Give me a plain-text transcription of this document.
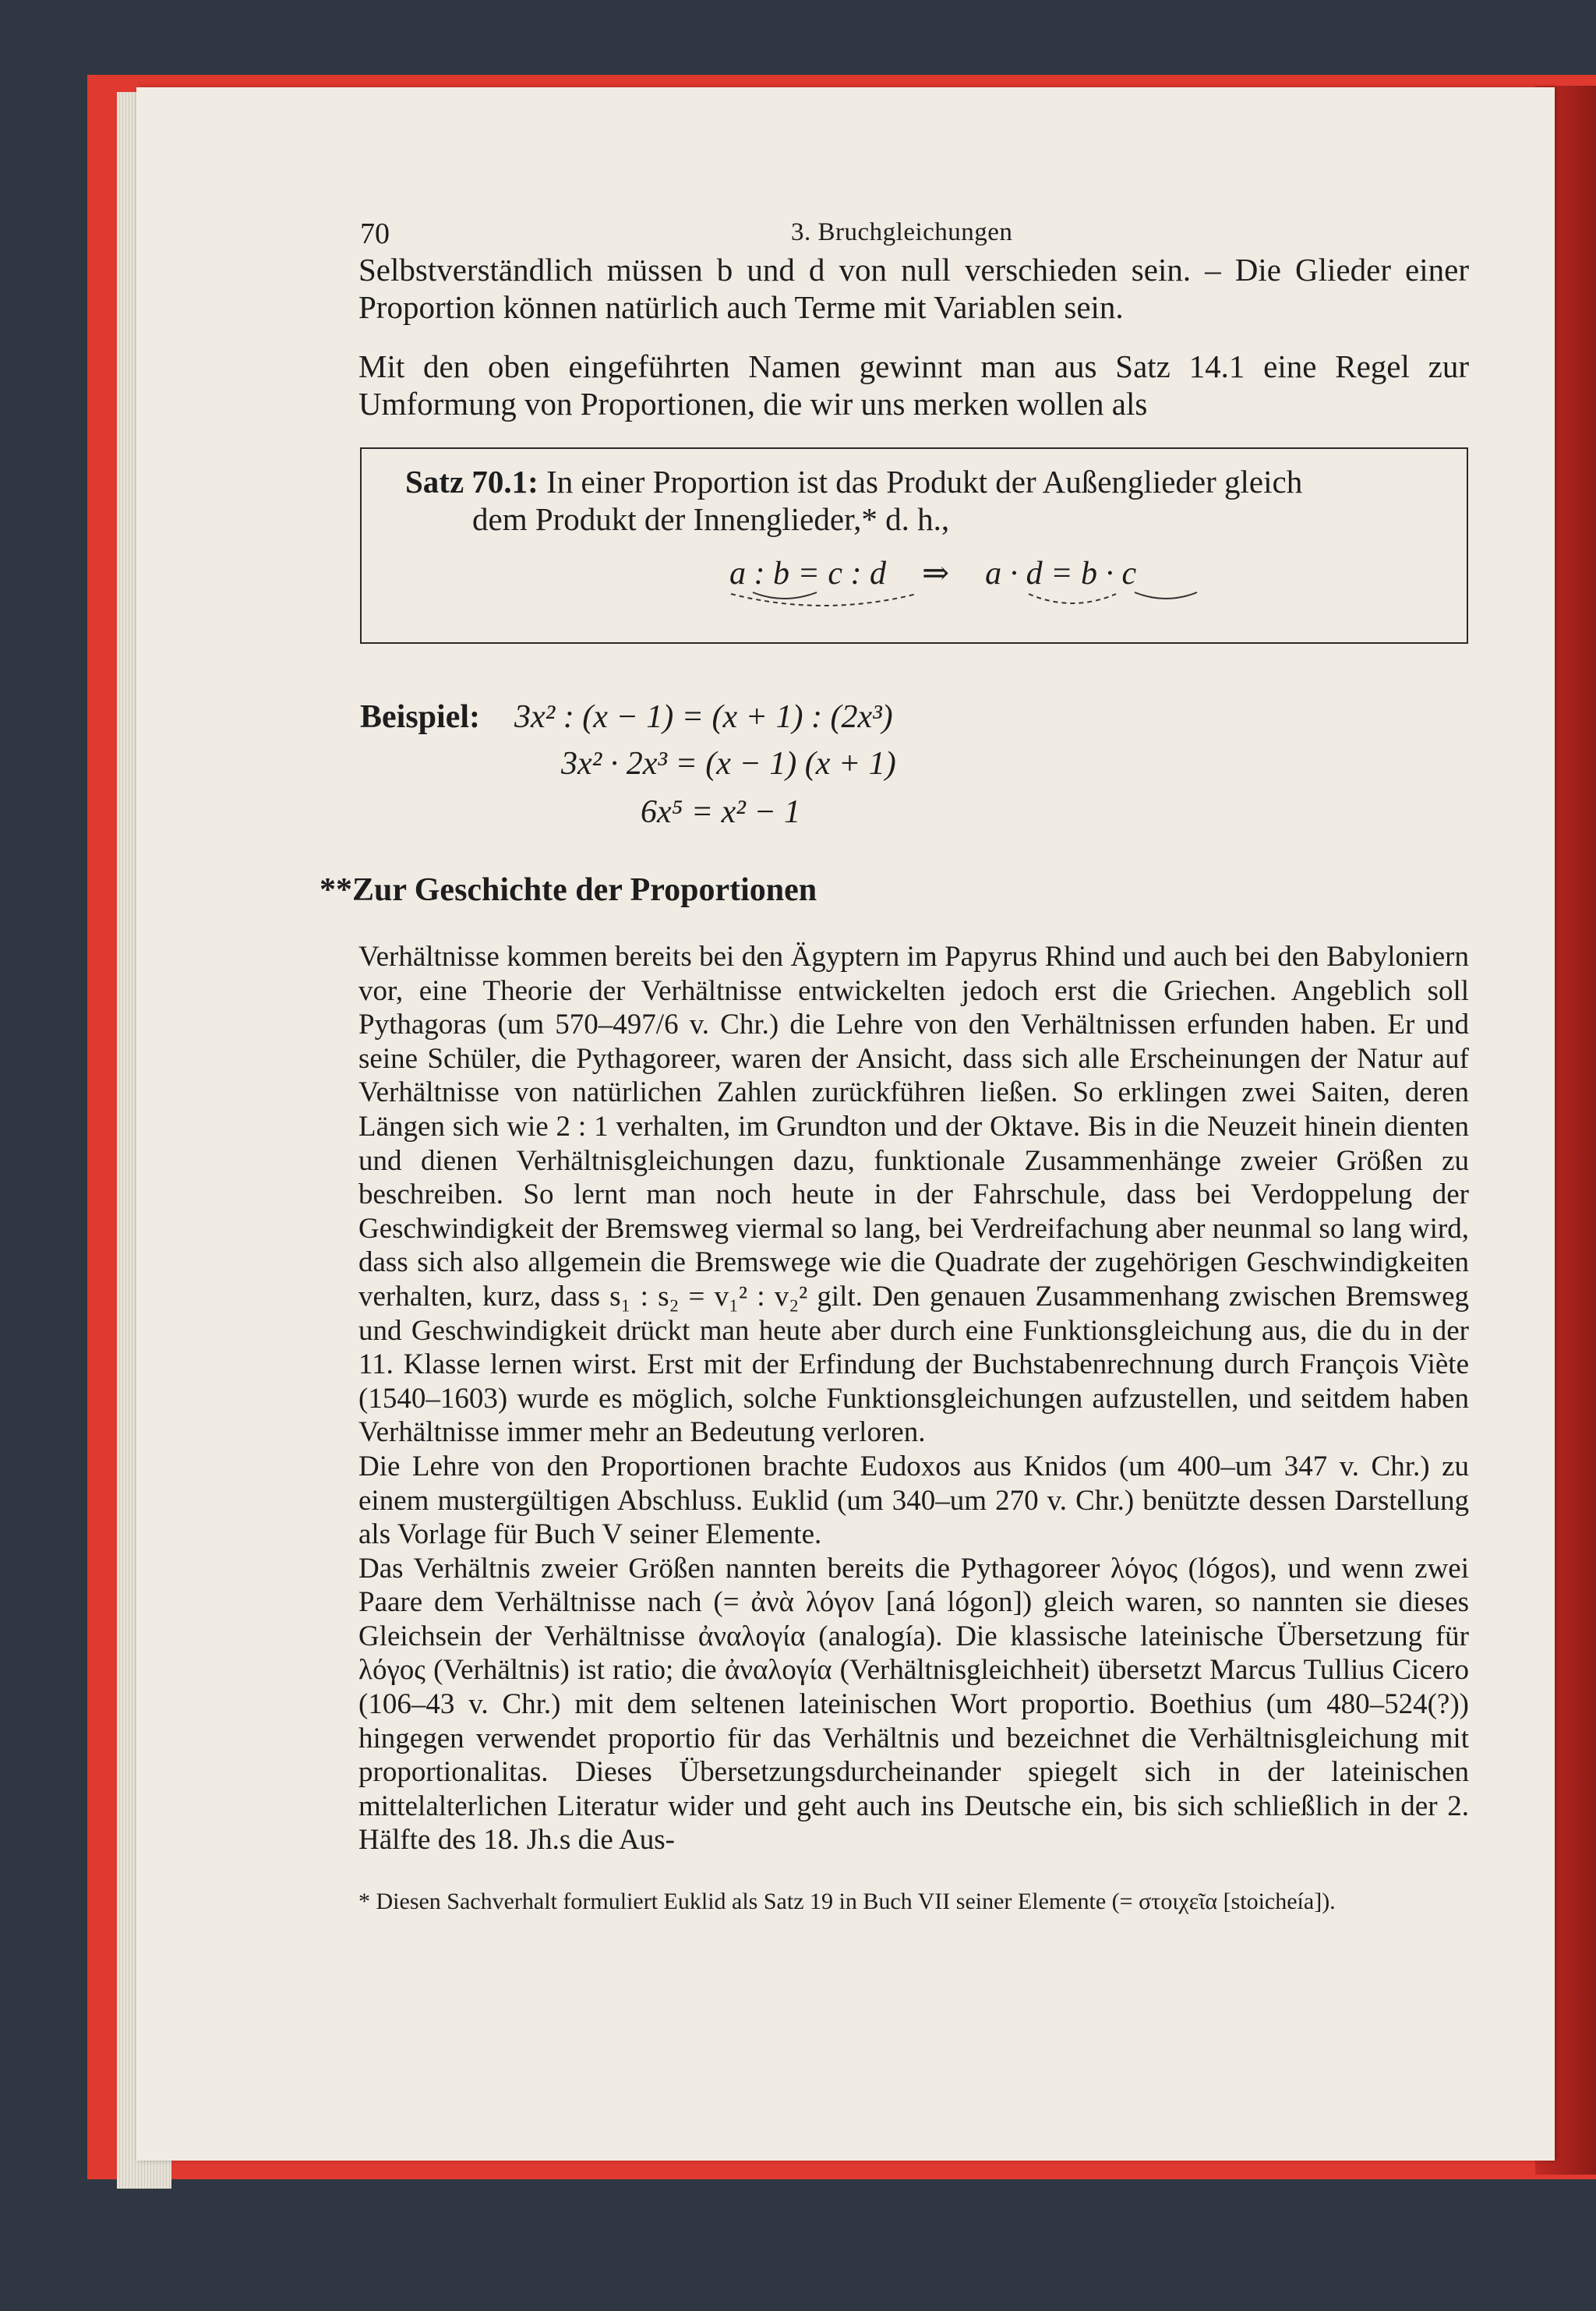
70	3. Bruchgleichungen

Selbstverständlich müssen b und d von null verschieden sein. – Die Glieder einer Proportion können natürlich auch Terme mit Variablen sein.

Mit den oben eingeführten Namen gewinnt man aus Satz 14.1 eine Regel zur Umformung von Proportionen, die wir uns merken wollen als

Satz 70.1: In einer Proportion ist das Produkt der Außenglieder gleich
dem Produkt der Innenglieder,* d. h.,
a : b = c : d ⇒ a · d = b · c
Beispiel: 3x² : (x − 1) = (x + 1) : (2x³)
3x² · 2x³ = (x − 1) (x + 1)
6x⁵ = x² − 1
**Zur Geschichte der Proportionen

Verhältnisse kommen bereits bei den Ägyptern im Papyrus Rhind und auch bei den Babyloniern vor, eine Theorie der Verhältnisse entwickelten jedoch erst die Griechen. Angeblich soll Pythagoras (um 570–497/6 v. Chr.) die Lehre von den Verhältnissen erfunden haben. Er und seine Schüler, die Pythagoreer, waren der Ansicht, dass sich alle Erscheinungen der Natur auf Verhältnisse von natürlichen Zahlen zurückführen ließen. So erklingen zwei Saiten, deren Längen sich wie 2 : 1 verhalten, im Grundton und der Oktave. Bis in die Neuzeit hinein dienten und dienen Verhältnisgleichungen dazu, funktionale Zusammenhänge zweier Größen zu beschreiben. So lernt man noch heute in der Fahrschule, dass bei Verdoppelung der Geschwindigkeit der Bremsweg viermal so lang, bei Verdreifachung aber neunmal so lang wird, dass sich also allgemein die Bremswege wie die Quadrate der zugehörigen Geschwindigkeiten verhalten, kurz, dass s₁ : s₂ = v₁² : v₂² gilt. Den genauen Zusammenhang zwischen Bremsweg und Geschwindigkeit drückt man heute aber durch eine Funktionsgleichung aus, die du in der 11. Klasse lernen wirst. Erst mit der Erfindung der Buchstabenrechnung durch François Viète (1540–1603) wurde es möglich, solche Funktionsgleichungen aufzustellen, und seitdem haben Verhältnisse immer mehr an Bedeutung verloren.

Die Lehre von den Proportionen brachte Eudoxos aus Knidos (um 400–um 347 v. Chr.) zu einem mustergültigen Abschluss. Euklid (um 340–um 270 v. Chr.) benützte dessen Darstellung als Vorlage für Buch V seiner Elemente.

Das Verhältnis zweier Größen nannten bereits die Pythagoreer λόγος (lógos), und wenn zwei Paare dem Verhältnisse nach (= ἀνὰ λόγον [aná lógon]) gleich waren, so nannten sie dieses Gleichsein der Verhältnisse ἀναλογία (analogía). Die klassische lateinische Übersetzung für λόγος (Verhältnis) ist ratio; die ἀναλογία (Verhältnisgleichheit) übersetzt Marcus Tullius Cicero (106–43 v. Chr.) mit dem seltenen lateinischen Wort proportio. Boethius (um 480–524(?)) hingegen verwendet proportio für das Verhältnis und bezeichnet die Verhältnisgleichung mit proportionalitas. Dieses Übersetzungsdurcheinander spiegelt sich in der lateinischen mittelalterlichen Literatur wider und geht auch ins Deutsche ein, bis sich schließlich in der 2. Hälfte des 18. Jh.s die Aus-

* Diesen Sachverhalt formuliert Euklid als Satz 19 in Buch VII seiner Elemente (= στοιχεῖα [stoicheía]).
